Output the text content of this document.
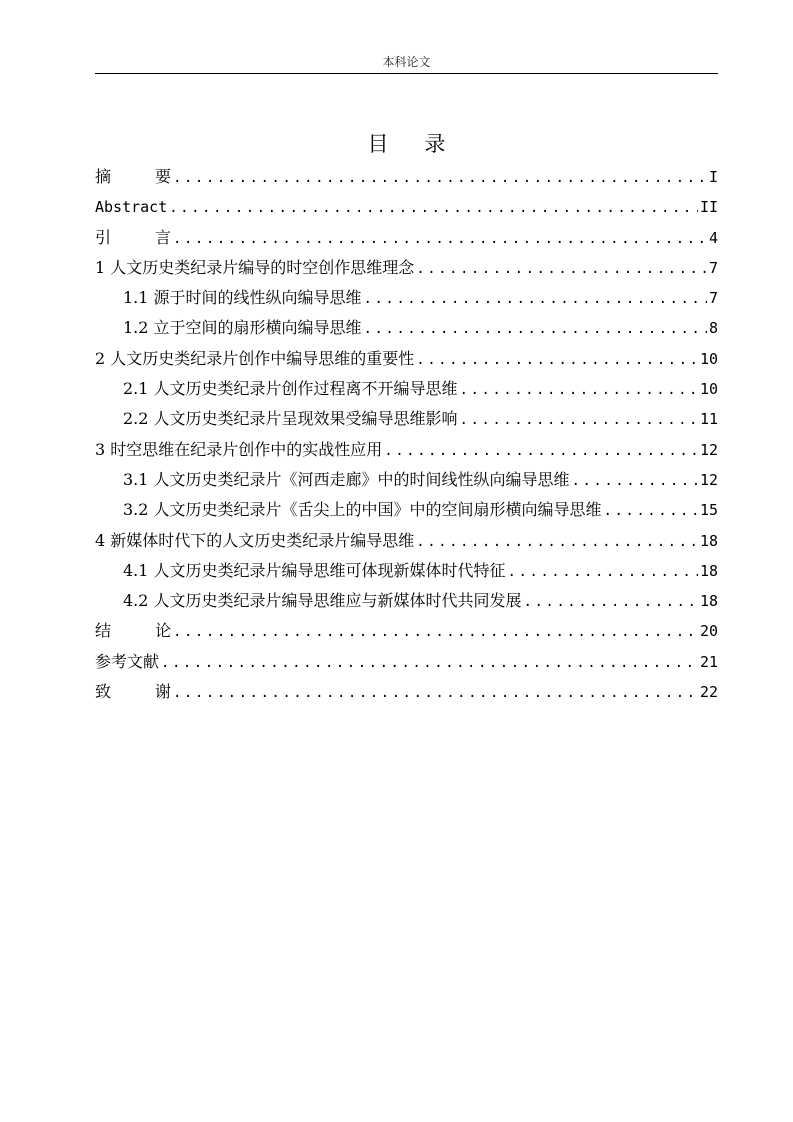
本科论文
目 录
摘	要 .....	I
Abstract .....	II
引	言 .....	4
1 人文历史类纪录片编导的时空创作思维理念 .....	7
1.1 源于时间的线性纵向编导思维 .....	7
1.2 立于空间的扇形横向编导思维 .....	8
2 人文历史类纪录片创作中编导思维的重要性 .....	10
2.1 人文历史类纪录片创作过程离不开编导思维 .....	10
2.2 人文历史类纪录片呈现效果受编导思维影响 .....	11
3 时空思维在纪录片创作中的实战性应用 .....	12
3.1 人文历史类纪录片《河西走廊》中的时间线性纵向编导思维 .....	12
3.2 人文历史类纪录片《舌尖上的中国》中的空间扇形横向编导思维 .....	15
4 新媒体时代下的人文历史类纪录片编导思维 .....	18
4.1 人文历史类纪录片编导思维可体现新媒体时代特征 .....	18
4.2 人文历史类纪录片编导思维应与新媒体时代共同发展 .....	18
结	论 .....	20
参考文献 .....	21
致	谢 .....	22
